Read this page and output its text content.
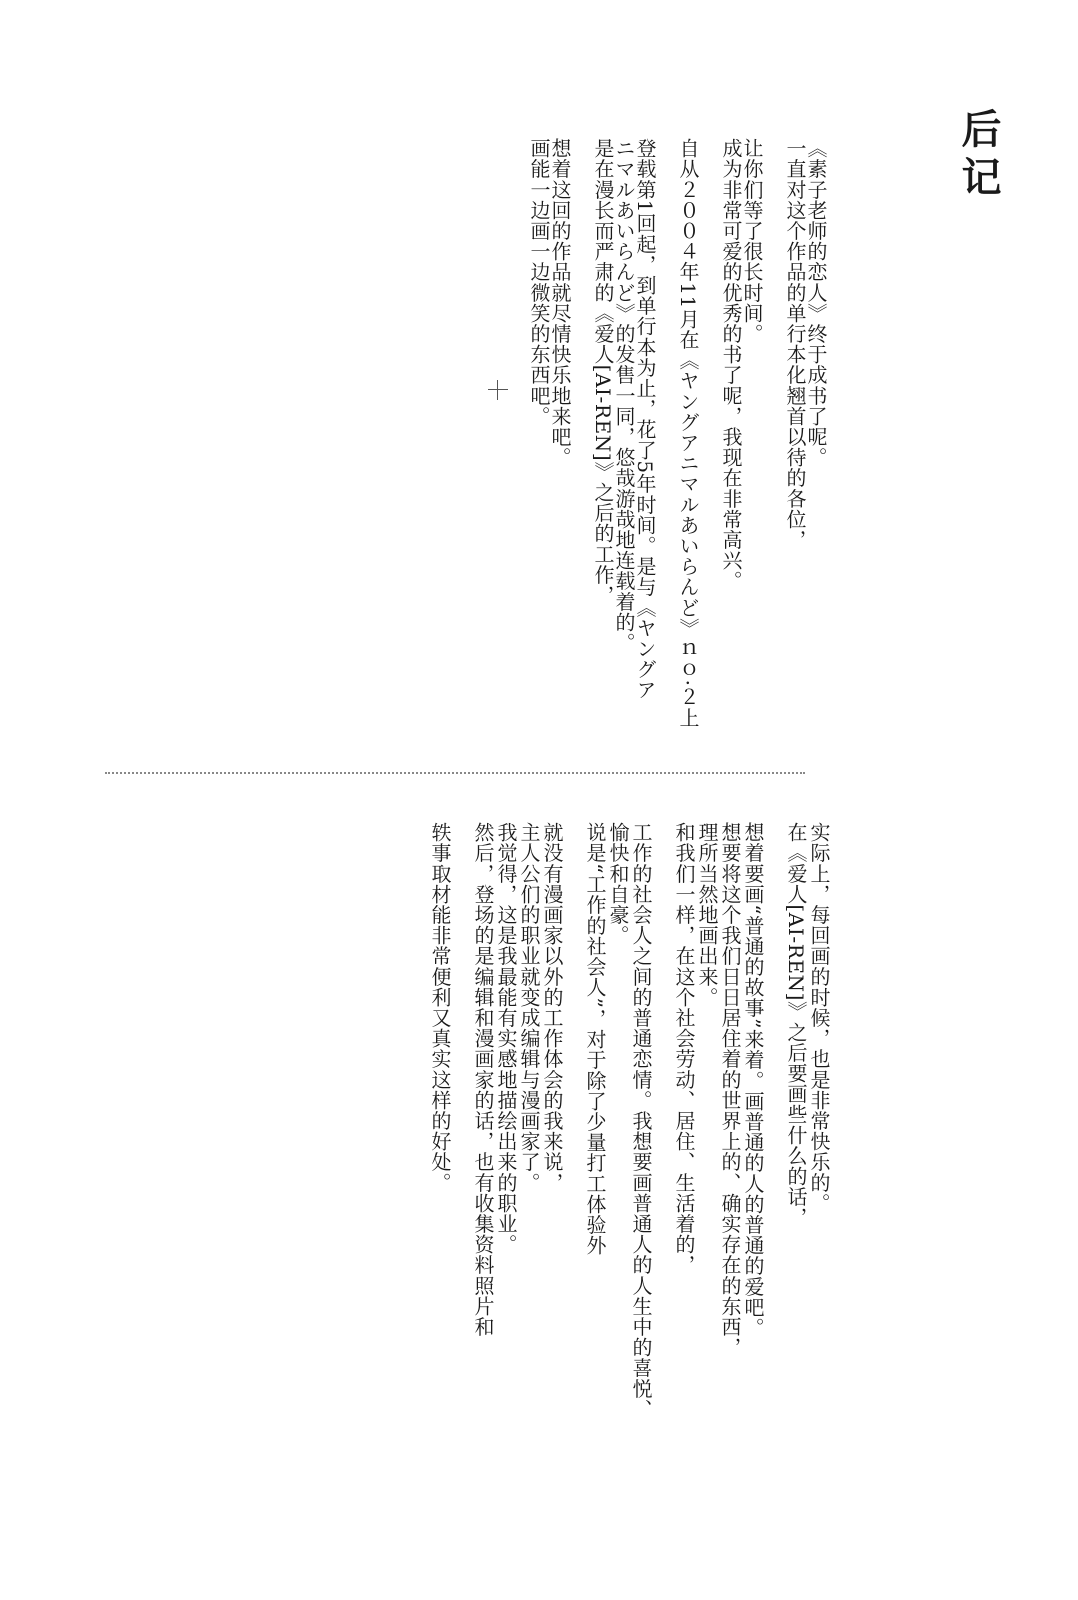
后记

《素子老师的恋人》终于成书了呢。

一直对这个作品的单行本化翘首以待的各位，

让你们等了很长时间。

成为非常可爱的优秀的书了呢，我现在非常高兴。

自从２００４年11月在《ヤングアニマルあいらんど》ｎｏ·２上

登载第1回起，到单行本为止，花了5年时间。是与《ヤングア

ニマルあいらんど》的发售一同，悠哉游哉地连载着的。

是在漫长而严肃的《爱人[AI-REN]》之后的工作，

想着这回的作品就尽情快乐地来吧。

画能一边画一边微笑的东西吧。

实际上，每回画的时候，也是非常快乐的。

在《爱人[AI-REN]》之后要画些什么的话，

想着要画“普通的故事”来着。画普通的人的普通的爱吧。

想要将这个我们日日居住着的世界上的、确实存在的东西，

理所当然地画出来。

和我们一样，在这个社会劳动、居住、生活着的，

工作的社会人之间的普通恋情。我想要画普通人的人生中的喜悦、

愉快和自豪。

说是“工作的社会人”，对于除了少量打工体验外

就没有漫画家以外的工作体会的我来说，

主人公们的职业就变成编辑与漫画家了。

我觉得，这是我最能有实感地描绘出来的职业。

然后，登场的是编辑和漫画家的话，也有收集资料照片和

轶事取材能非常便利又真实这样的好处。
